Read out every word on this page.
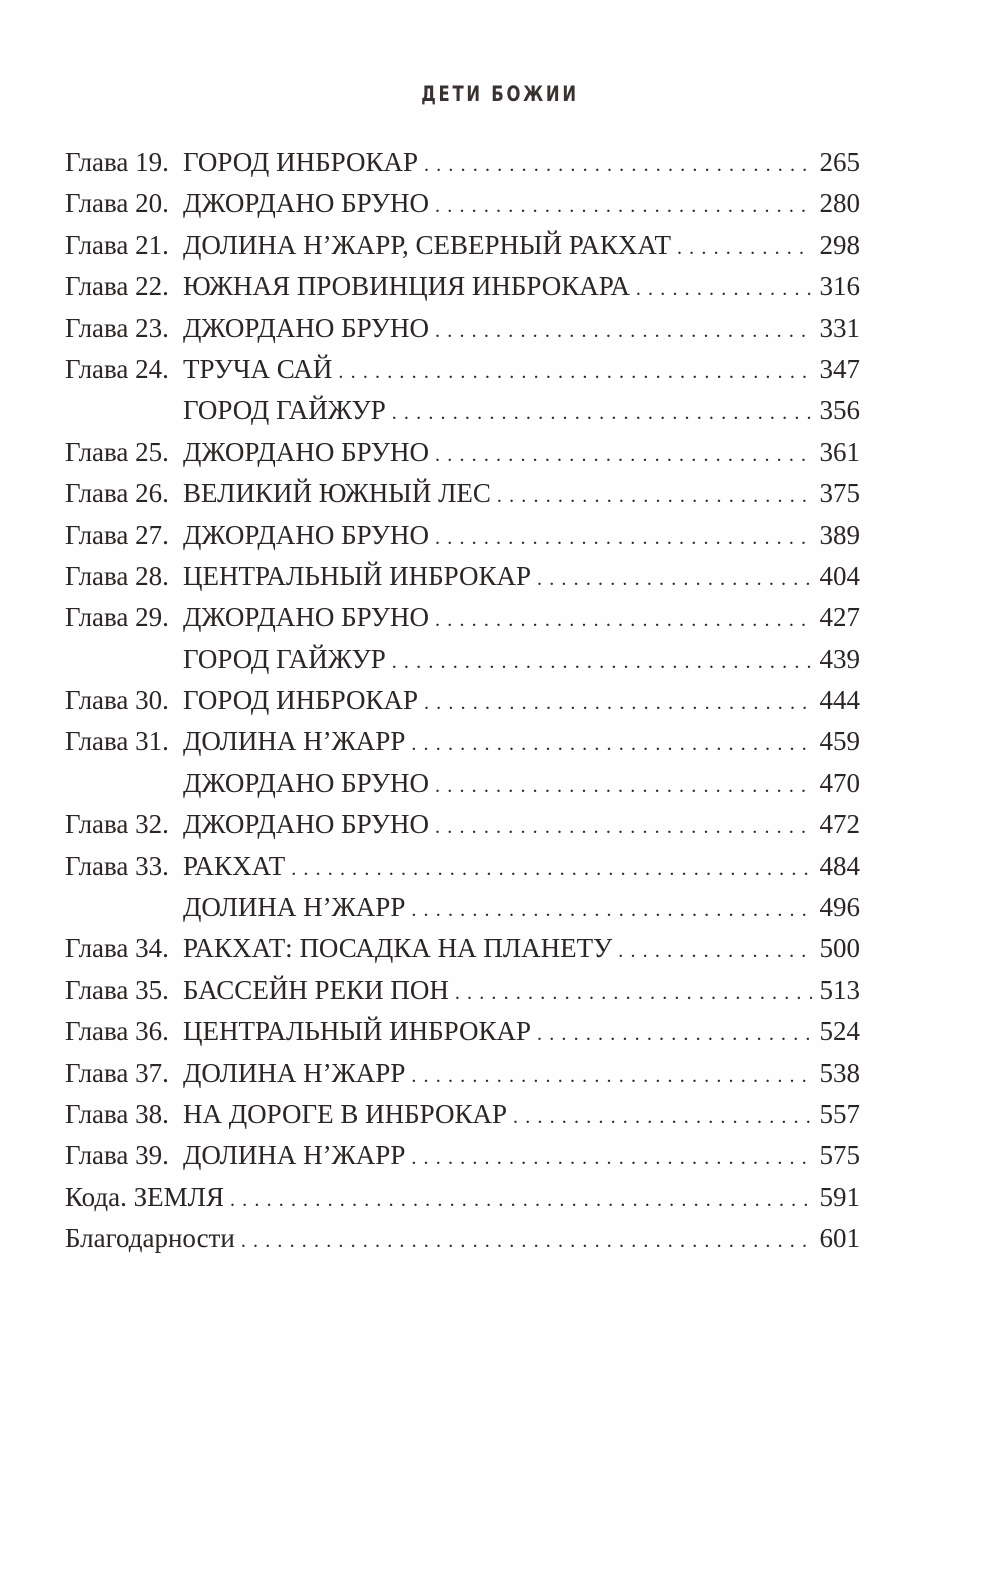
ДЕТИ БОЖИИ
Глава 19. ГОРОД ИНБРОКАР . . .	265
Глава 20. ДЖОРДАНО БРУНО . . .	280
Глава 21. ДОЛИНА Н’ЖАРР, СЕВЕРНЫЙ РАКХАТ . . .	298
Глава 22. ЮЖНАЯ ПРОВИНЦИЯ ИНБРОКАРА . . .	316
Глава 23. ДЖОРДАНО БРУНО . . .	331
Глава 24. ТРУЧА САЙ . . .	347
ГОРОД ГАЙЖУР . . .	356
Глава 25. ДЖОРДАНО БРУНО . . .	361
Глава 26. ВЕЛИКИЙ ЮЖНЫЙ ЛЕС . . .	375
Глава 27. ДЖОРДАНО БРУНО . . .	389
Глава 28. ЦЕНТРАЛЬНЫЙ ИНБРОКАР . . .	404
Глава 29. ДЖОРДАНО БРУНО . . .	427
ГОРОД ГАЙЖУР . . .	439
Глава 30. ГОРОД ИНБРОКАР . . .	444
Глава 31. ДОЛИНА Н’ЖАРР . . .	459
ДЖОРДАНО БРУНО . . .	470
Глава 32. ДЖОРДАНО БРУНО . . .	472
Глава 33. РАКХАТ . . .	484
ДОЛИНА Н’ЖАРР . . .	496
Глава 34. РАКХАТ: ПОСАДКА НА ПЛАНЕТУ . . .	500
Глава 35. БАССЕЙН РЕКИ ПОН . . .	513
Глава 36. ЦЕНТРАЛЬНЫЙ ИНБРОКАР . . .	524
Глава 37. ДОЛИНА Н’ЖАРР . . .	538
Глава 38. НА ДОРОГЕ В ИНБРОКАР . . .	557
Глава 39. ДОЛИНА Н’ЖАРР . . .	575
Кода. ЗЕМЛЯ . . .	591
Благодарности . . .	601
